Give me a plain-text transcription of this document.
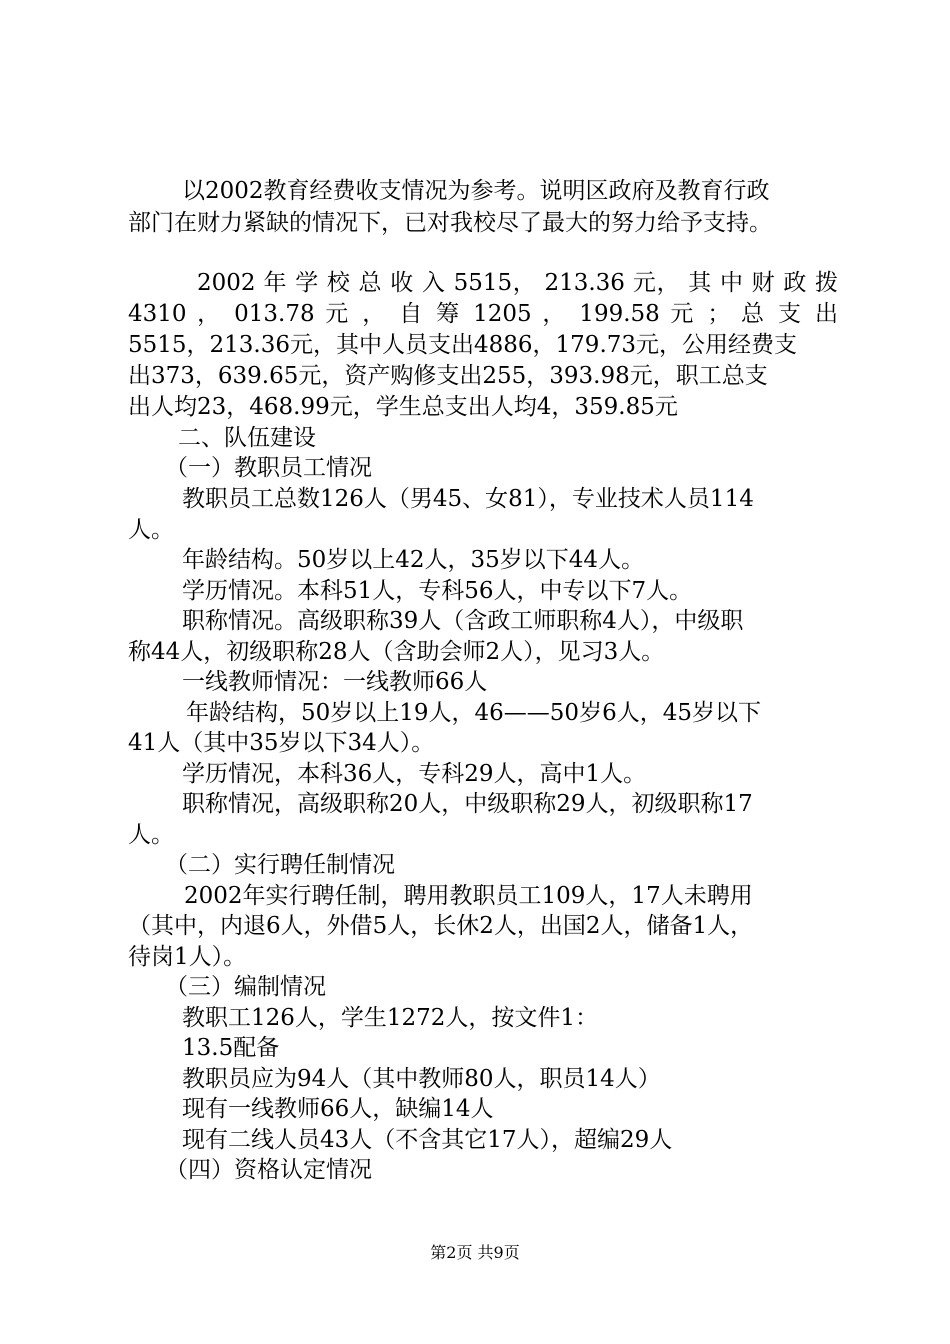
以2002教育经费收支情况为参考。说明区政府及教育行政
部门在财力紧缺的情况下，已对我校尽了最大的努力给予支持。
2002 年 学 校 总 收 入 5515， 213.36 元， 其 中 财 政 拨
4310 ， 013.78 元 ， 自 筹 1205 ， 199.58 元 ； 总 支 出
5515，213.36元，其中人员支出4886，179.73元，公用经费支
出373，639.65元，资产购修支出255，393.98元，职工总支
出人均23，468.99元，学生总支出人均4，359.85元
二、队伍建设
（一）教职员工情况
教职员工总数126人（男45、女81），专业技术人员114
人。
年龄结构。50岁以上42人，35岁以下44人。
学历情况。本科51人，专科56人，中专以下7人。
职称情况。高级职称39人（含政工师职称4人），中级职
称44人，初级职称28人（含助会师2人），见习3人。
一线教师情况：一线教师66人
年龄结构，50岁以上19人，46——50岁6人，45岁以下
41人（其中35岁以下34人）。
学历情况，本科36人，专科29人，高中1人。
职称情况，高级职称20人，中级职称29人，初级职称17
人。
（二）实行聘任制情况
2002年实行聘任制，聘用教职员工109人，17人未聘用
（其中，内退6人，外借5人，长休2人，出国2人，储备1人，
待岗1人）。
（三）编制情况
教职工126人，学生1272人，按文件1：
13.5配备
教职员应为94人（其中教师80人，职员14人）
现有一线教师66人，缺编14人
现有二线人员43人（不含其它17人），超编29人
（四）资格认定情况
第2页 共9页
